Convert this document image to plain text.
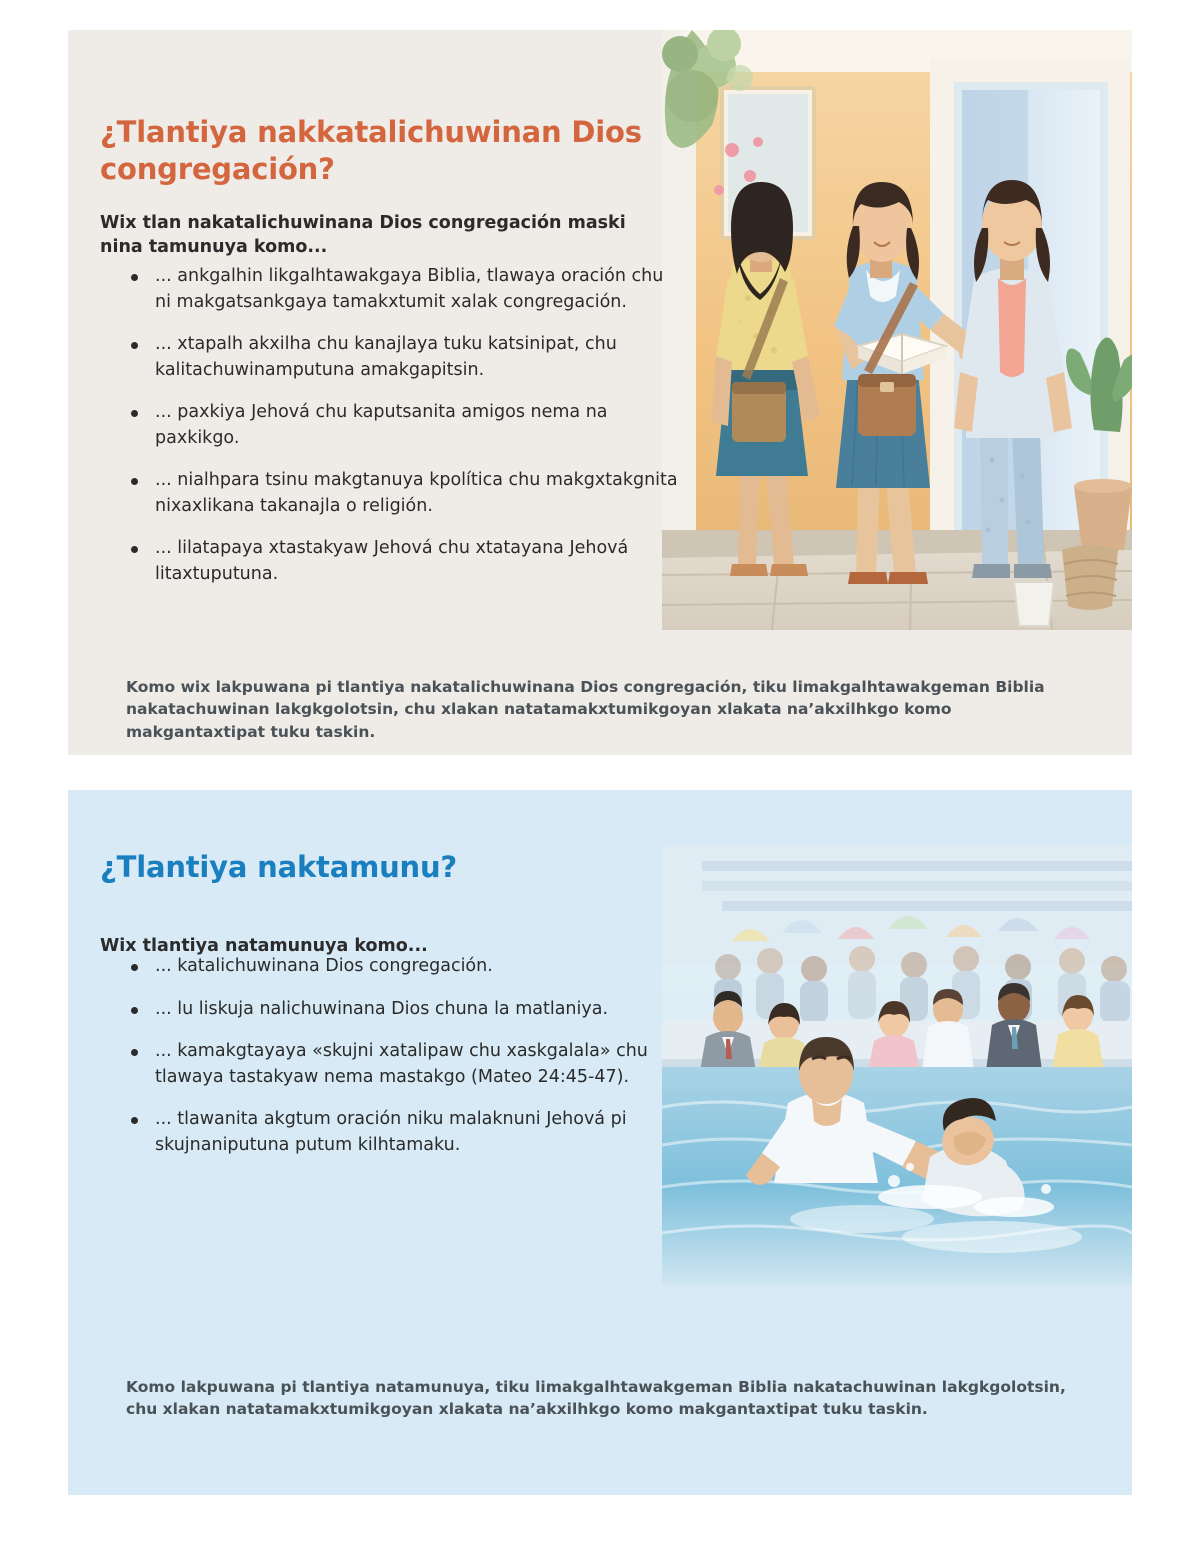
¿Tlantiya nakkatalichuwinan Dios congregación?

Wix tlan nakatalichuwinana Dios congregación maski nina tamunuya komo...

... ankgalhin likgalhtawakgaya Biblia, tlawaya oración chu ni makgatsankgaya tamakxtumit xalak congregación.
... xtapalh akxilha chu kanajlaya tuku katsinipat, chu kalitachuwinamputuna amakgapitsin.
... paxkiya Jehová chu kaputsanita amigos nema na paxkikgo.
... nialhpara tsinu makgtanuya kpolítica chu makgxtakgnita nixaxlikana takanajla o religión.
... lilatapaya xtastakyaw Jehová chu xtatayana Jehová litaxtuputuna.

Komo wix lakpuwana pi tlantiya nakatalichuwinana Dios congregación, tiku limakgalhtawakgeman Biblia nakatachuwinan lakgkgolotsin, chu xlakan natatamakxtumikgoyan xlakata na’akxilhkgo komo makgantaxtipat tuku taskin.

¿Tlantiya naktamunu?

Wix tlantiya natamunuya komo...

... katalichuwinana Dios congregación.
... lu liskuja nalichuwinana Dios chuna la matlaniya.
... kamakgtayaya «skujni xatalipaw chu xaskgalala» chu tlawaya tastakyaw nema mastakgo (Mateo 24:45-47).
... tlawanita akgtum oración niku malaknuni Jehová pi skujnaniputuna putum kilhtamaku.

Komo lakpuwana pi tlantiya natamunuya, tiku limakgalhtawakgeman Biblia nakatachuwinan lakgkgolotsin, chu xlakan natatamakxtumikgoyan xlakata na’akxilhkgo komo makgantaxtipat tuku taskin.
